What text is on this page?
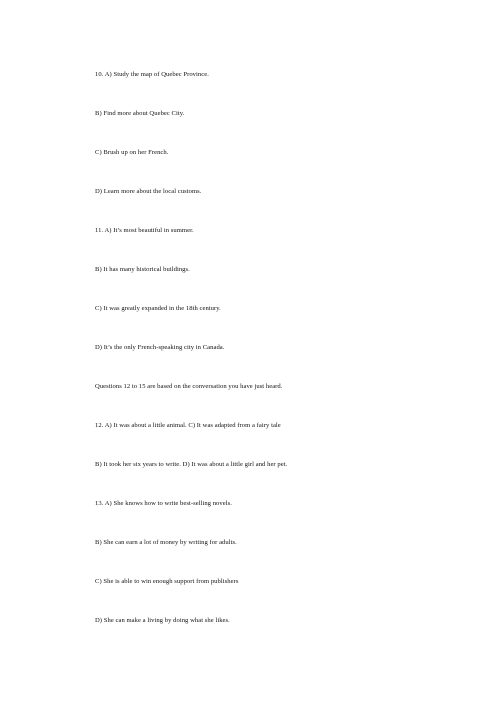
10. A) Study the map of Quebec Province.
B) Find more about Quebec City.
C) Brush up on her French.
D) Learn more about the local customs.
11. A) It’s most beautiful in summer.
B) It has many historical buildings.
C) It was greatly expanded in the 18th century.
D) It’s the only French-speaking city in Canada.
Questions 12 to 15 are based on the conversation you have just heard.
12. A) It was about a little animal. C) It was adapted from a fairy tale
B) It took her six years to write. D) It was about a little girl and her pet.
13. A) She knows how to write best-selling novels.
B) She can earn a lot of money by writing for adults.
C) She is able to win enough support from publishers
D) She can make a living by doing what she likes.
